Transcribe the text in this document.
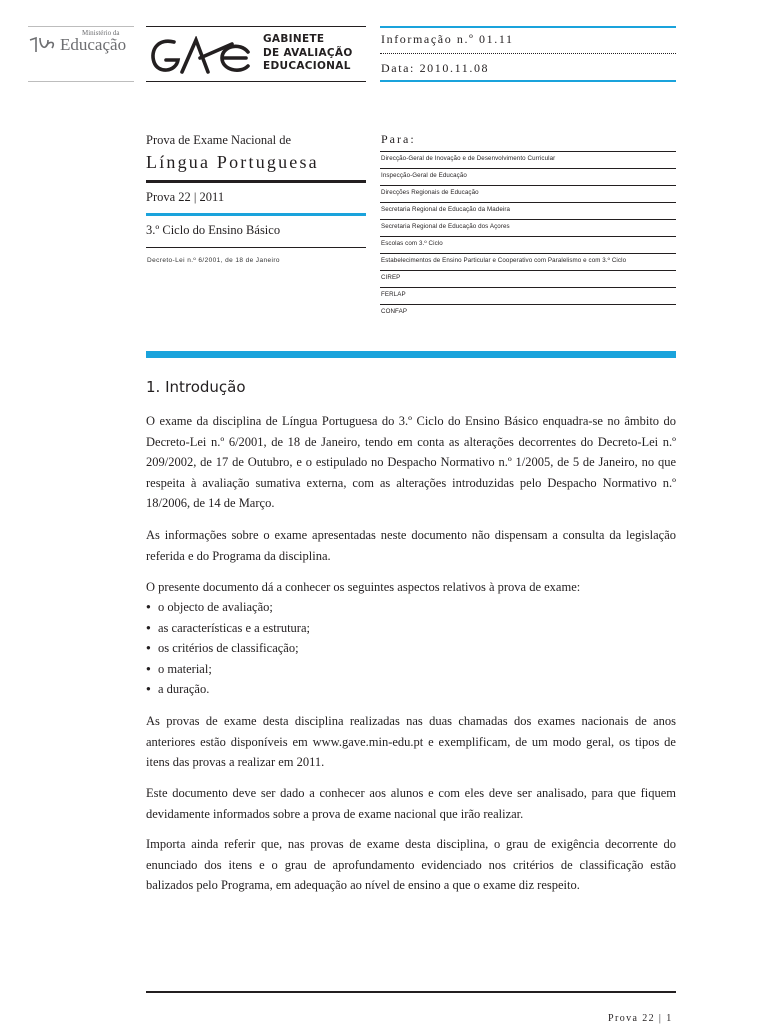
Ministério da
Educação	GABINETE
DE AVALIAÇÃO
EDUCACIONAL
Informação n.º 01.11
Data: 2010.11.08
Prova de Exame Nacional de
Língua Portuguesa
Prova 22 | 2011
3.º Ciclo do Ensino Básico
Decreto-Lei n.º 6/2001, de 18 de Janeiro
Para:
Direcção-Geral de Inovação e de Desenvolvimento Curricular
Inspecção-Geral de Educação
Direcções Regionais de Educação
Secretaria Regional de Educação da Madeira
Secretaria Regional de Educação dos Açores
Escolas com 3.º Ciclo
Estabelecimentos de Ensino Particular e Cooperativo com Paralelismo e com 3.º Ciclo
CIREP
FERLAP
CONFAP
1. Introdução

O exame da disciplina de Língua Portuguesa do 3.º Ciclo do Ensino Básico enquadra-se no âmbito do Decreto-Lei n.º 6/2001, de 18 de Janeiro, tendo em conta as alterações decorrentes do Decreto-Lei n.º 209/2002, de 17 de Outubro, e o estipulado no Despacho Normativo n.º 1/2005, de 5 de Janeiro, no que respeita à avaliação sumativa externa, com as alterações introduzidas pelo Despacho Normativo n.º 18/2006, de 14 de Março.

As informações sobre o exame apresentadas neste documento não dispensam a consulta da legislação referida e do Programa da disciplina.

O presente documento dá a conhecer os seguintes aspectos relativos à prova de exame:

● o objecto de avaliação;
● as características e a estrutura;
● os critérios de classificação;
● o material;
● a duração.

As provas de exame desta disciplina realizadas nas duas chamadas dos exames nacionais de anos anteriores estão disponíveis em www.gave.min-edu.pt e exemplificam, de um modo geral, os tipos de itens das provas a realizar em 2011.

Este documento deve ser dado a conhecer aos alunos e com eles deve ser analisado, para que fiquem devidamente informados sobre a prova de exame nacional que irão realizar.

Importa ainda referir que, nas provas de exame desta disciplina, o grau de exigência decorrente do enunciado dos itens e o grau de aprofundamento evidenciado nos critérios de classificação estão balizados pelo Programa, em adequação ao nível de ensino a que o exame diz respeito.

Prova 22 | 1
